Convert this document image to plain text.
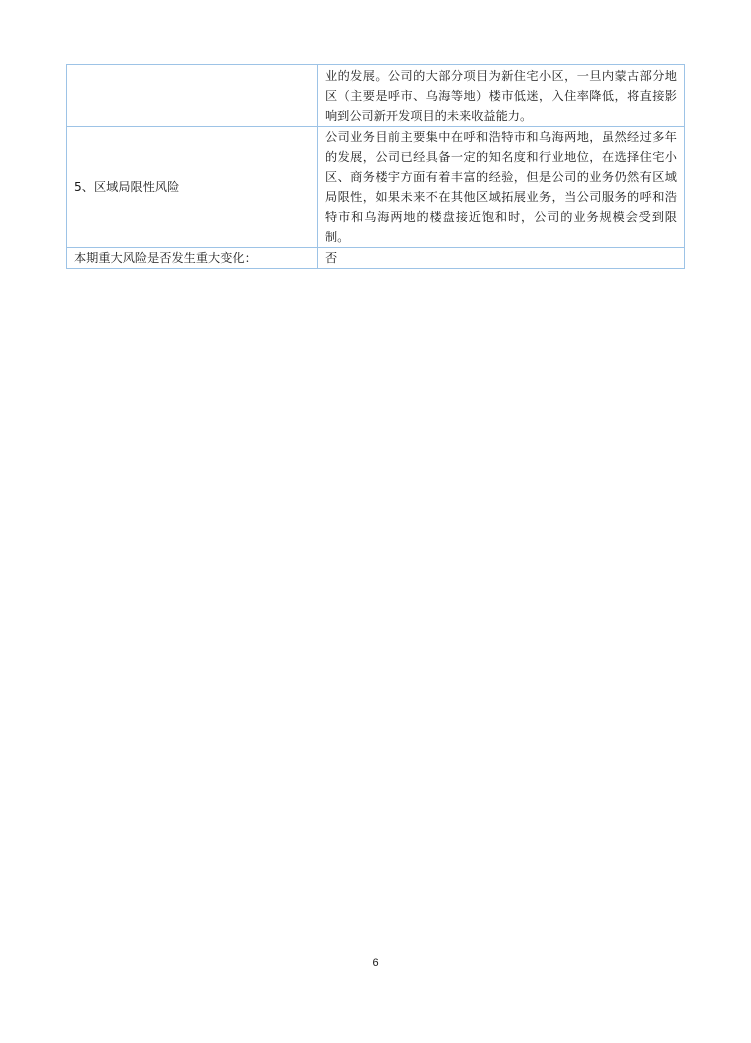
	业的发展。公司的大部分项目为新住宅小区，一旦内蒙古部分地区（主要是呼市、乌海等地）楼市低迷，入住率降低，将直接影响到公司新开发项目的未来收益能力。
5、区域局限性风险	公司业务目前主要集中在呼和浩特市和乌海两地，虽然经过多年的发展，公司已经具备一定的知名度和行业地位，在选择住宅小区、商务楼宇方面有着丰富的经验，但是公司的业务仍然有区域局限性，如果未来不在其他区域拓展业务，当公司服务的呼和浩特市和乌海两地的楼盘接近饱和时，公司的业务规模会受到限制。
本期重大风险是否发生重大变化：	否
6
